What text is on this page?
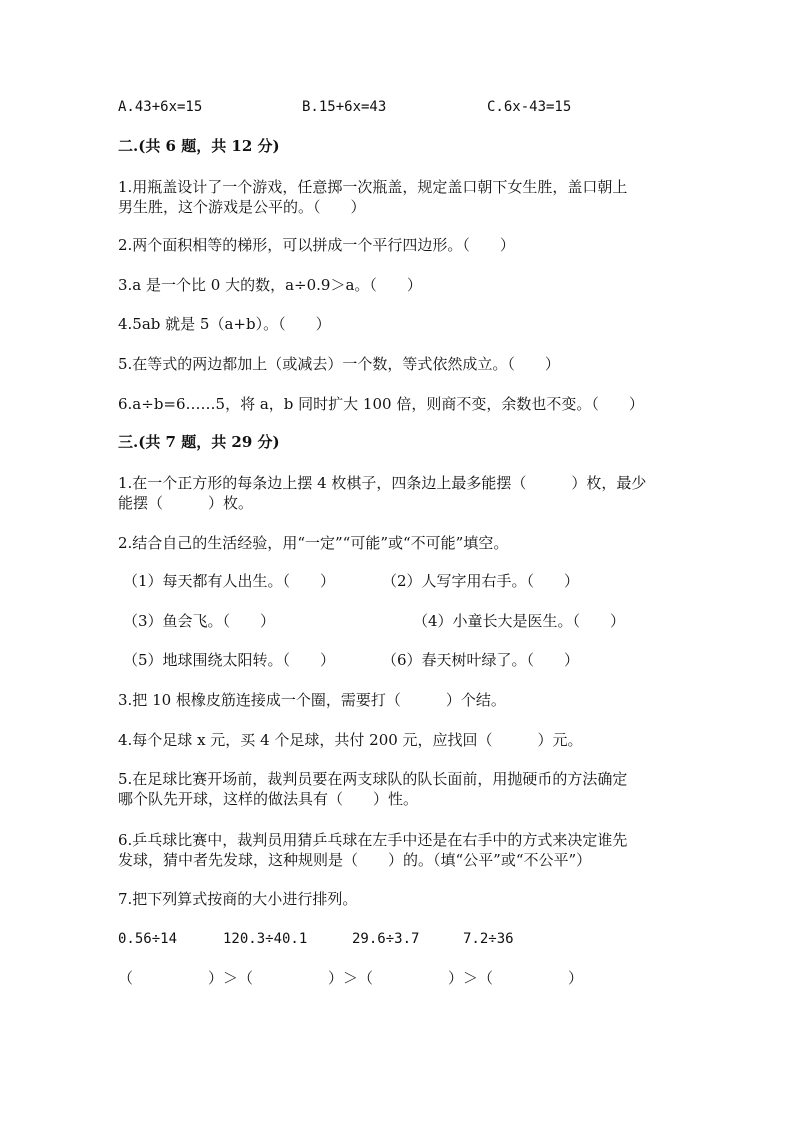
A.43+6x=15	B.15+6x=43	C.6x-43=15
二.(共 6 题，共 12 分)
1.用瓶盖设计了一个游戏，任意掷一次瓶盖，规定盖口朝下女生胜，盖口朝上
男生胜，这个游戏是公平的。（　　）
2.两个面积相等的梯形，可以拼成一个平行四边形。（　　）
3.a 是一个比 0 大的数，a÷0.9＞a。（　　）
4.5ab 就是 5（a+b）。（　　）
5.在等式的两边都加上（或减去）一个数，等式依然成立。（　　）
6.a÷b=6……5，将 a，b 同时扩大 100 倍，则商不变，余数也不变。（　　）
三.(共 7 题，共 29 分)
1.在一个正方形的每条边上摆 4 枚棋子，四条边上最多能摆（　　　）枚，最少
能摆（　　　）枚。
2.结合自己的生活经验，用“一定”“可能”或“不可能”填空。
（1）每天都有人出生。（　　）	（2）人写字用右手。（　　）
（3）鱼会飞。（　　）	（4）小童长大是医生。（　　）
（5）地球围绕太阳转。（　　）	（6）春天树叶绿了。（　　）
3.把 10 根橡皮筋连接成一个圈，需要打（　　　）个结。
4.每个足球 x 元，买 4 个足球，共付 200 元，应找回（　　　）元。
5.在足球比赛开场前，裁判员要在两支球队的队长面前，用抛硬币的方法确定
哪个队先开球，这样的做法具有（　　）性。
6.乒乓球比赛中，裁判员用猜乒乓球在左手中还是在右手中的方式来决定谁先
发球，猜中者先发球，这种规则是（　　）的。（填“公平”或“不公平”）
7.把下列算式按商的大小进行排列。
0.56÷14	120.3÷40.1	29.6÷3.7	7.2÷36
（　　　　　）＞（　　　　　）＞（　　　　　）＞（　　　　　）
